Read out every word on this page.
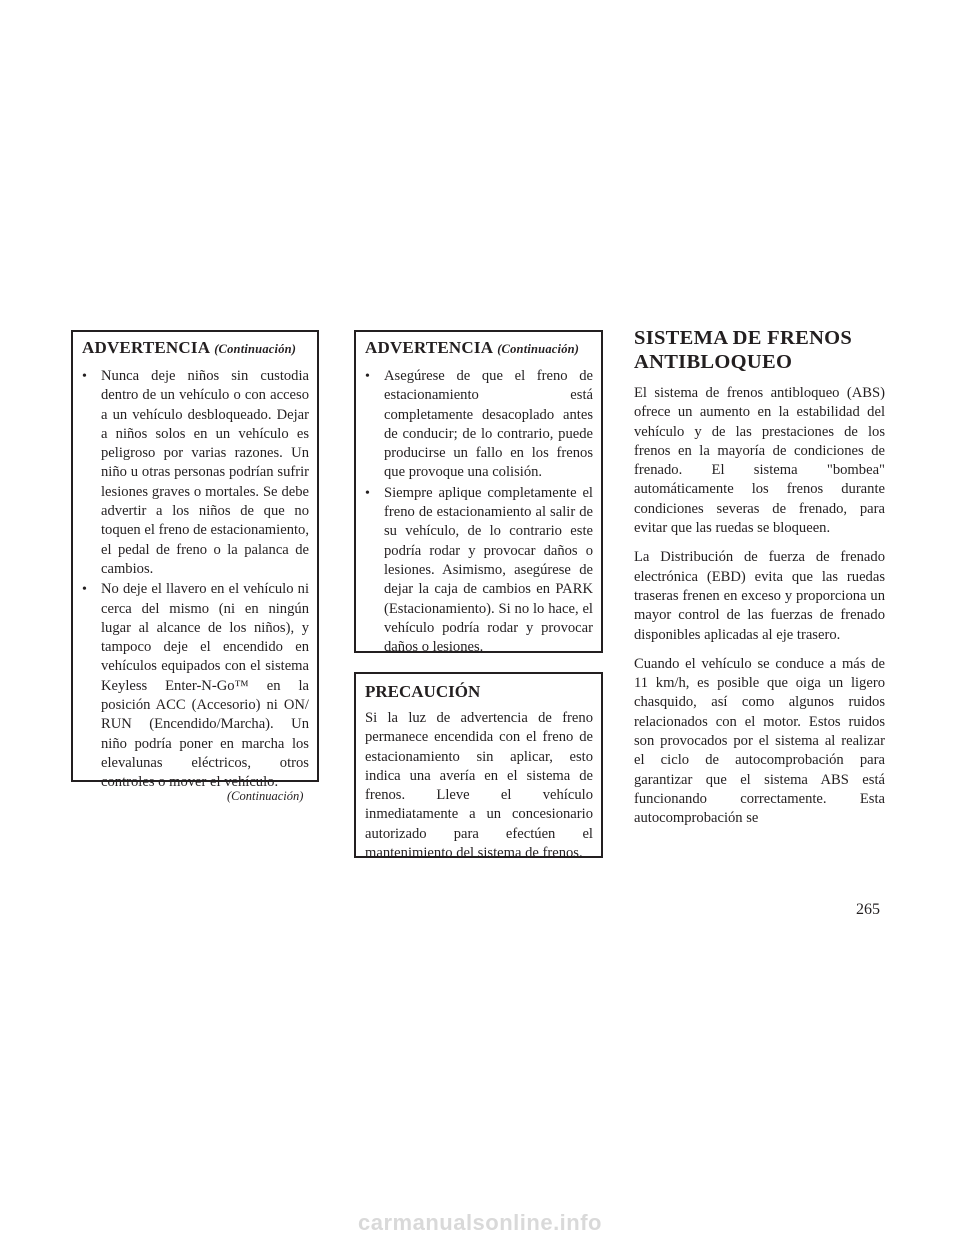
ADVERTENCIA (Continuación)
• Nunca deje niños sin custodia dentro de un vehículo o con acceso a un vehículo desbloqueado. Dejar a niños solos en un vehículo es peligroso por varias razones. Un niño u otras personas podrían sufrir lesiones graves o mortales. Se debe advertir a los niños de que no toquen el freno de estacionamiento, el pedal de freno o la palanca de cambios.
• No deje el llavero en el vehículo ni cerca del mismo (ni en ningún lugar al alcance de los niños), y tampoco deje el encendido en vehículos equipados con el sistema Keyless Enter-N-Go™ en la posición ACC (Accesorio) ni ON/ RUN (Encendido/Marcha). Un niño podría poner en marcha los elevalunas eléctricos, otros controles o mover el vehículo.
(Continuación)
ADVERTENCIA (Continuación)
• Asegúrese de que el freno de estacionamiento está completamente desacoplado antes de conducir; de lo contrario, puede producirse un fallo en los frenos que provoque una colisión.
• Siempre aplique completamente el freno de estacionamiento al salir de su vehículo, de lo contrario este podría rodar y provocar daños o lesiones. Asimismo, asegúrese de dejar la caja de cambios en PARK (Estacionamiento). Si no lo hace, el vehículo podría rodar y provocar daños o lesiones.
PRECAUCIÓN

Si la luz de advertencia de freno permanece encendida con el freno de estacionamiento sin aplicar, esto indica una avería en el sistema de frenos. Lleve el vehículo inmediatamente a un concesionario autorizado para efectúen el mantenimiento del sistema de frenos.

SISTEMA DE FRENOS
ANTIBLOQUEO

El sistema de frenos antibloqueo (ABS) ofrece un aumento en la estabilidad del vehículo y de las prestaciones de los frenos en la mayoría de condiciones de frenado. El sistema "bombea" automáticamente los frenos durante condiciones severas de frenado, para evitar que las ruedas se bloqueen.

La Distribución de fuerza de frenado electrónica (EBD) evita que las ruedas traseras frenen en exceso y proporciona un mayor control de las fuerzas de frenado disponibles aplicadas al eje trasero.

Cuando el vehículo se conduce a más de 11 km/h, es posible que oiga un ligero chasquido, así como algunos ruidos relacionados con el motor. Estos ruidos son provocados por el sistema al realizar el ciclo de autocomprobación para garantizar que el sistema ABS está funcionando correctamente. Esta autocomprobación se

265
carmanualsonline.info
